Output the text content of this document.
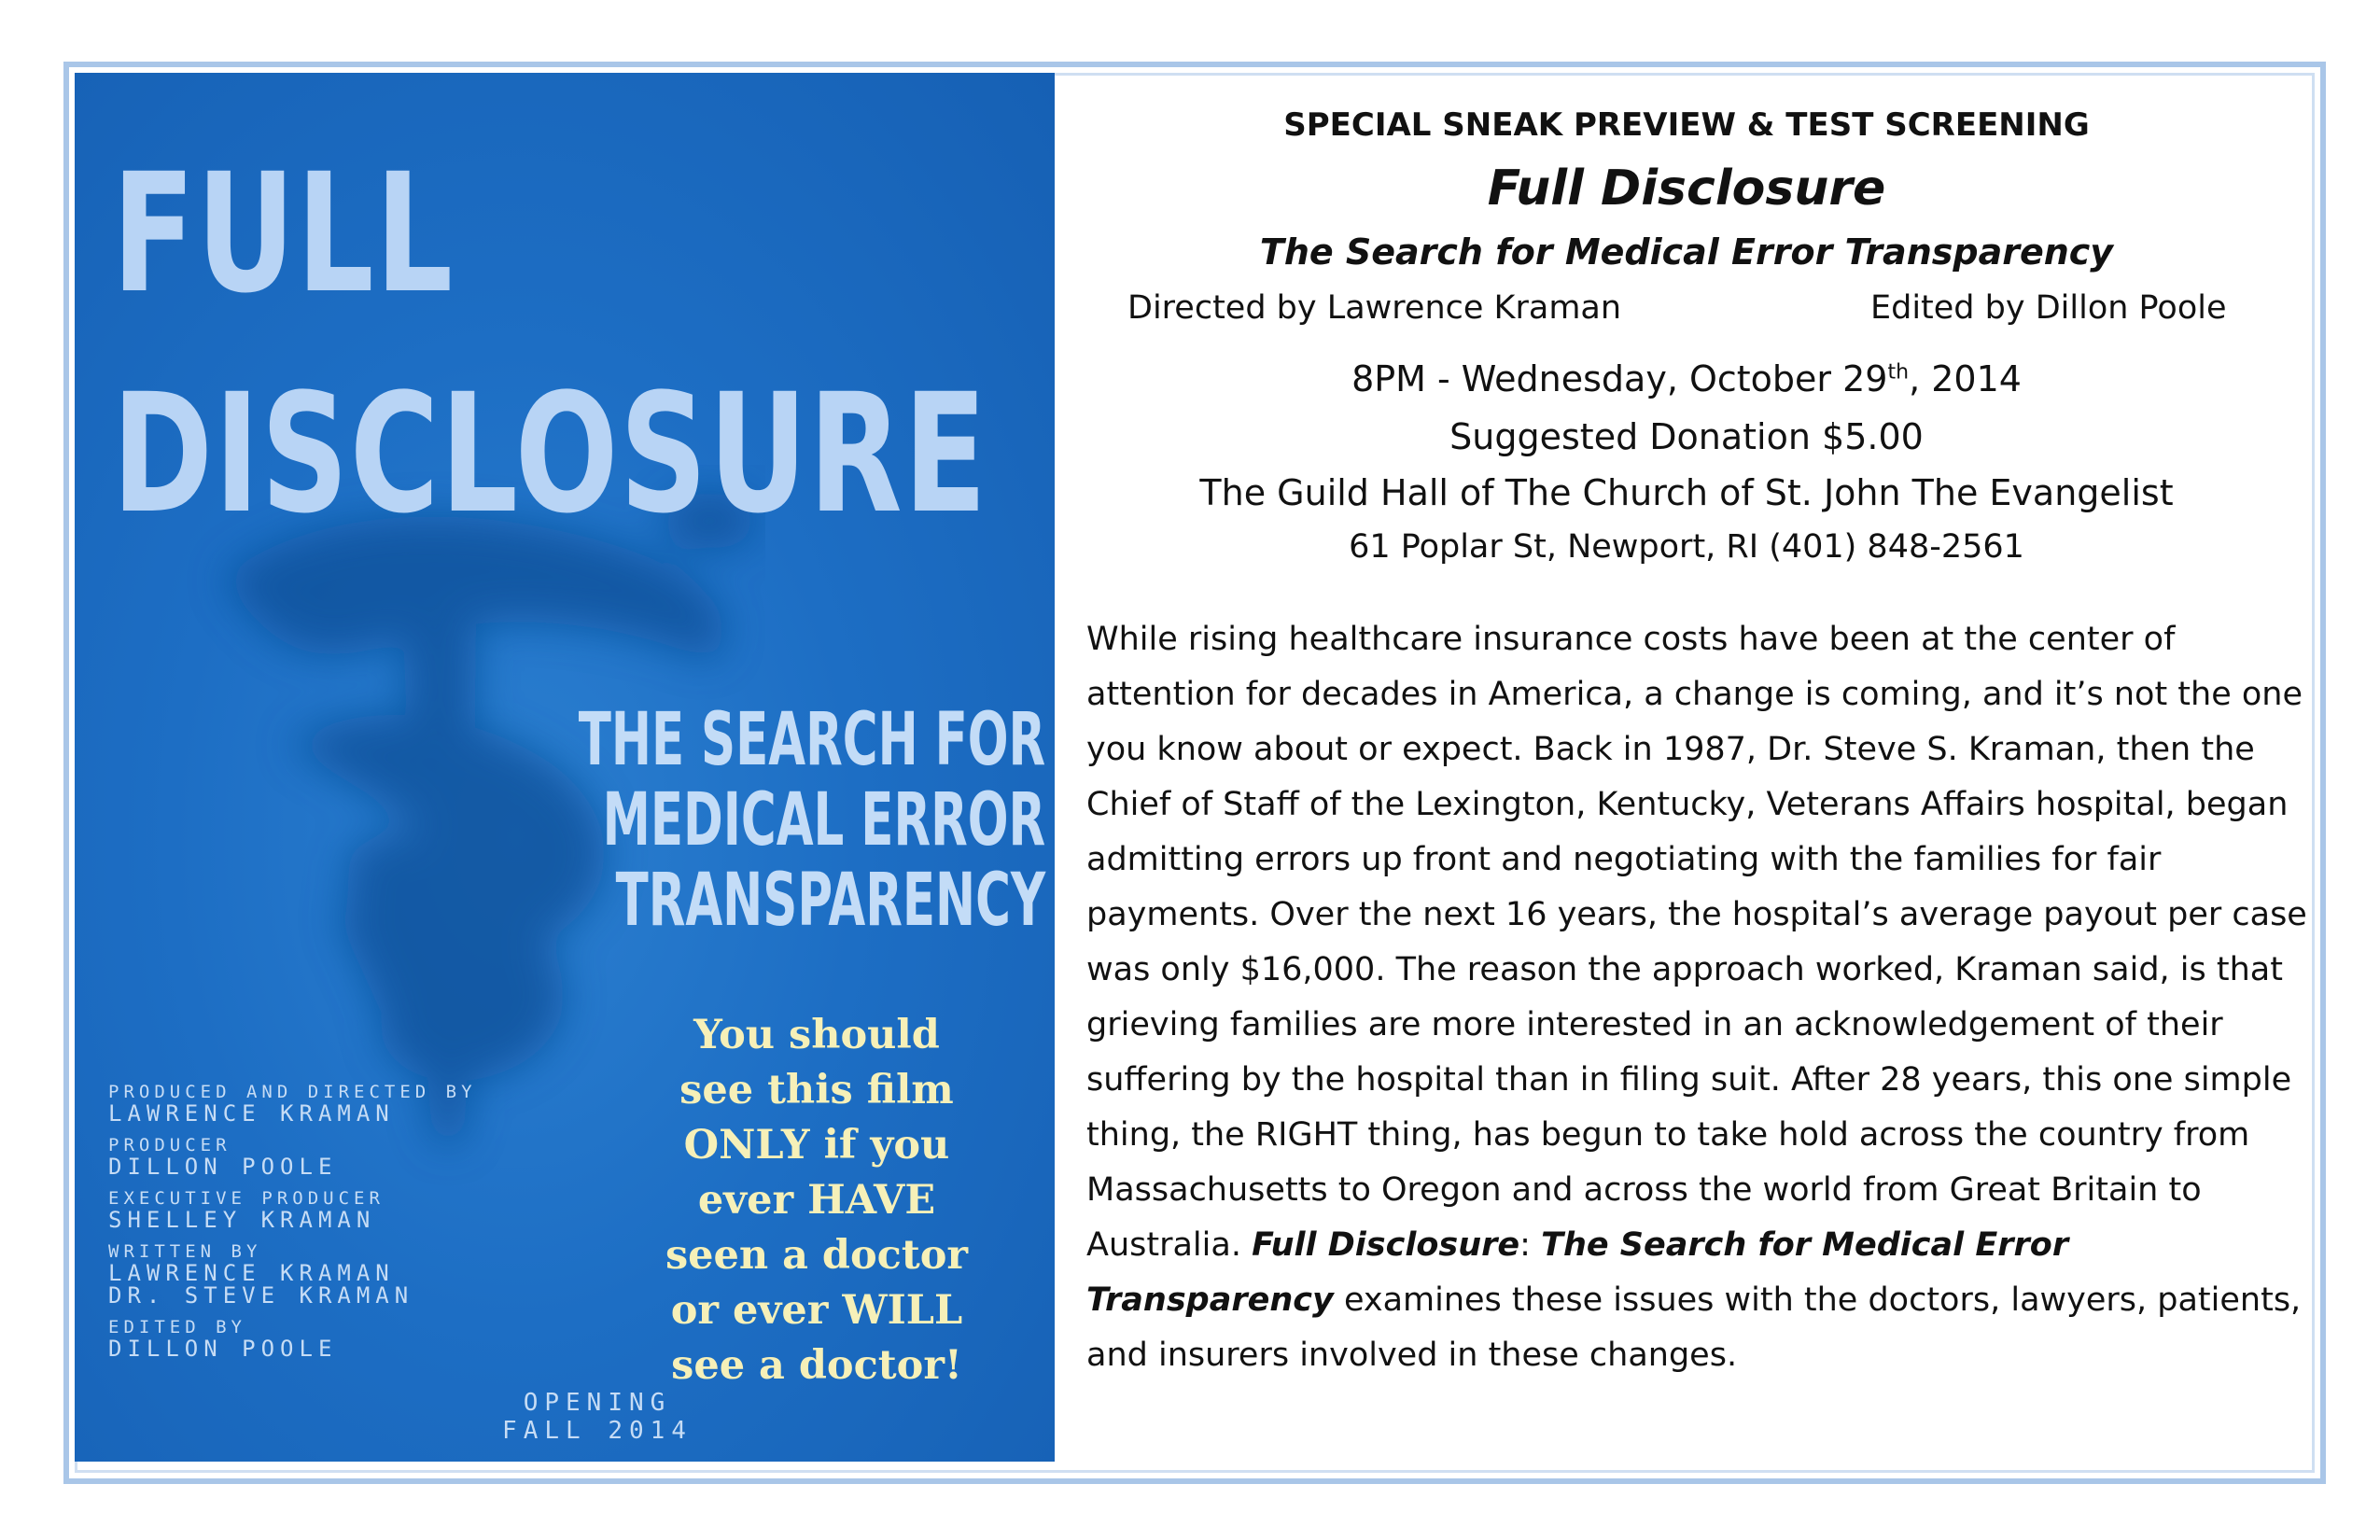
FULL
DISCLOSURE
THE SEARCH FOR
MEDICAL ERROR
TRANSPARENCY
PRODUCED AND DIRECTED BY
LAWRENCE KRAMAN
PRODUCER
DILLON POOLE
EXECUTIVE PRODUCER
SHELLEY KRAMAN
WRITTEN BY
LAWRENCE KRAMAN
DR. STEVE KRAMAN
EDITED BY
DILLON POOLE
You should
see this film
ONLY if you
ever HAVE
seen a doctor
or ever WILL
see a doctor!
OPENING
FALL 2014

SPECIAL SNEAK PREVIEW & TEST SCREENING

Full Disclosure

The Search for Medical Error Transparency

Directed by Lawrence Kraman	Edited by Dillon Poole

8PM - Wednesday, October 29th, 2014

Suggested Donation $5.00

The Guild Hall of The Church of St. John The Evangelist

61 Poplar St, Newport, RI (401) 848-2561

While rising healthcare insurance costs have been at the center of attention for decades in America, a change is coming, and it’s not the one you know about or expect. Back in 1987, Dr. Steve S. Kraman, then the Chief of Staff of the Lexington, Kentucky, Veterans Affairs hospital, began admitting errors up front and negotiating with the families for fair payments. Over the next 16 years, the hospital’s average payout per case was only $16,000. The reason the approach worked, Kraman said, is that grieving families are more interested in an acknowledgement of their suffering by the hospital than in filing suit. After 28 years, this one simple thing, the RIGHT thing, has begun to take hold across the country from Massachusetts to Oregon and across the world from Great Britain to Australia. Full Disclosure: The Search for Medical Error Transparency examines these issues with the doctors, lawyers, patients, and insurers involved in these changes.
